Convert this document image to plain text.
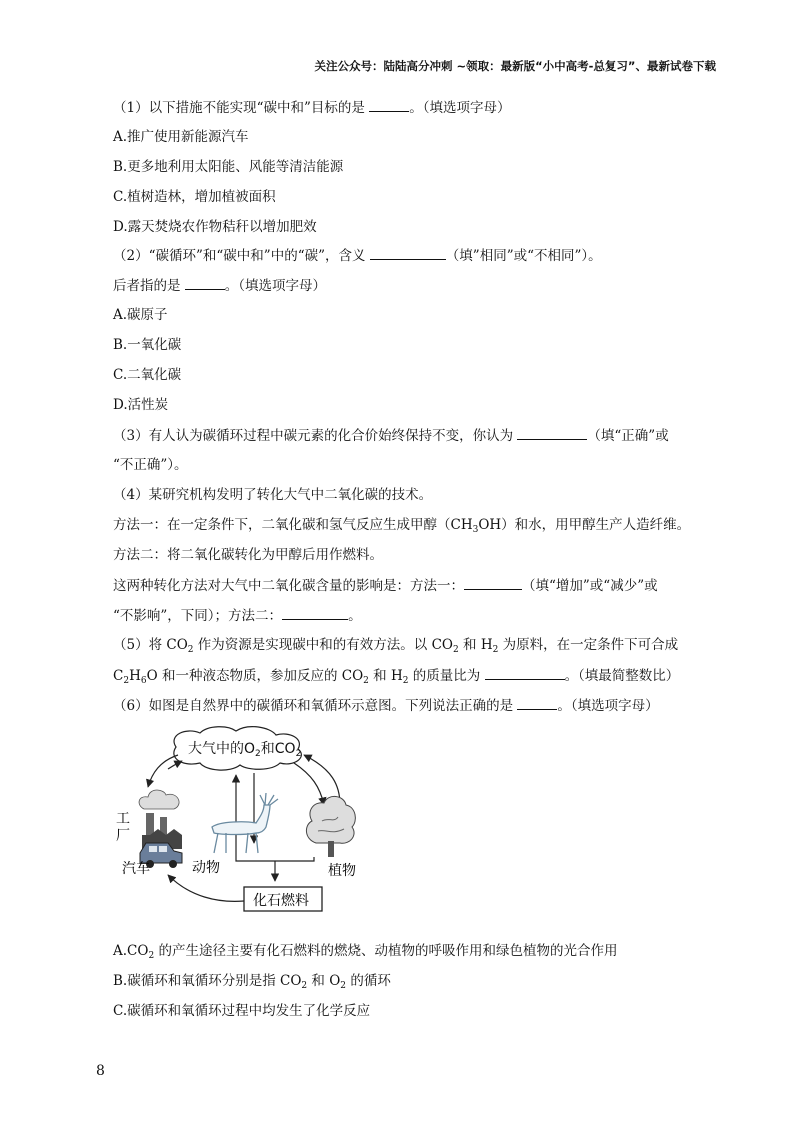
关注公众号：陆陆高分冲刺 ~领取：最新版“小中高考-总复习”、最新试卷下载
（1）以下措施不能实现“碳中和”目标的是	。（填选项字母）
A.推广使用新能源汽车
B.更多地利用太阳能、风能等清洁能源
C.植树造林，增加植被面积
D.露天焚烧农作物秸秆以增加肥效
（2）“碳循环”和“碳中和”中的“碳”，含义	（填”相同”或“不相同”）。
后者指的是	。（填选项字母）
A.碳原子
B.一氧化碳
C.二氧化碳
D.活性炭
（3）有人认为碳循环过程中碳元素的化合价始终保持不变，你认为	（填“正确”或
“不正确”）。
（4）某研究机构发明了转化大气中二氧化碳的技术。
方法一：在一定条件下，二氧化碳和氢气反应生成甲醇$(CH_3OH)$和水，用甲醇生产人造纤维。
方法二：将二氧化碳转化为甲醇后用作燃料。
这两种转化方法对大气中二氧化碳含量的影响是：方法一：	（填“增加”或“减少”或
“不影响”，下同）；方法二：	。
（5）将 $CO_2$ 作为资源是实现碳中和的有效方法。以 $CO_2$ 和 $H_2$ 为原料，在一定条件下可合成
$C_2H_6O$ 和一种液态物质，参加反应的 $CO_2$ 和 $H_2$ 的质量比为	。（填最简整数比）
（6）如图是自然界中的碳循环和氧循环示意图。下列说法正确的是	。（填选项字母）
大气中的$O_2$和$CO_2$
工
厂
汽车	动物	植物
化石燃料
$A.CO_2$ 的产生途径主要有化石燃料的燃烧、动植物的呼吸作用和绿色植物的光合作用
B.碳循环和氧循环分别是指 $CO_2$ 和 $O_2$ 的循环
C.碳循环和氧循环过程中均发生了化学反应
8
